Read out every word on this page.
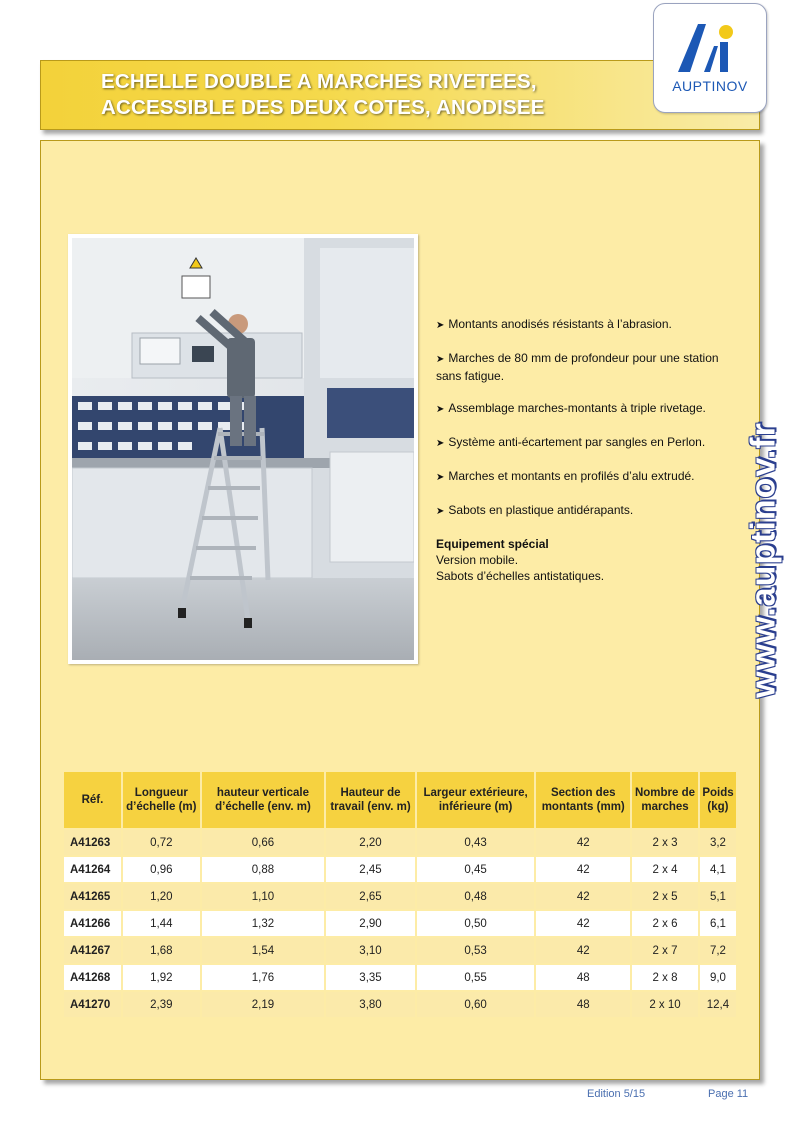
ECHELLE DOUBLE A MARCHES RIVETEES,
ACCESSIBLE DES DEUX COTES, ANODISEE
AUPTINOV
➤ Montants anodisés résistants à l’abrasion.
➤ Marches de 80 mm de profondeur pour une station sans fatigue.
➤ Assemblage marches-montants à triple rivetage.
➤ Système anti-écartement par sangles en Perlon.
➤ Marches et montants en profilés d’alu extrudé.
➤ Sabots en plastique antidérapants.
Equipement spécial
Version mobile.
Sabots d’échelles antistatiques.	www.auptinov.fr
Réf.	Longueur d’échelle (m)	hauteur verticale d’échelle (env. m)	Hauteur de travail (env. m)	Largeur extérieure, inférieure (m)	Section des montants (mm)	Nombre de marches	Poids (kg)
A41263	0,72	0,66	2,20	0,43	42	2 x 3	3,2
A41264	0,96	0,88	2,45	0,45	42	2 x 4	4,1
A41265	1,20	1,10	2,65	0,48	42	2 x 5	5,1
A41266	1,44	1,32	2,90	0,50	42	2 x 6	6,1
A41267	1,68	1,54	3,10	0,53	42	2 x 7	7,2
A41268	1,92	1,76	3,35	0,55	48	2 x 8	9,0
A41270	2,39	2,19	3,80	0,60	48	2 x 10	12,4
Edition 5/15	Page 11
